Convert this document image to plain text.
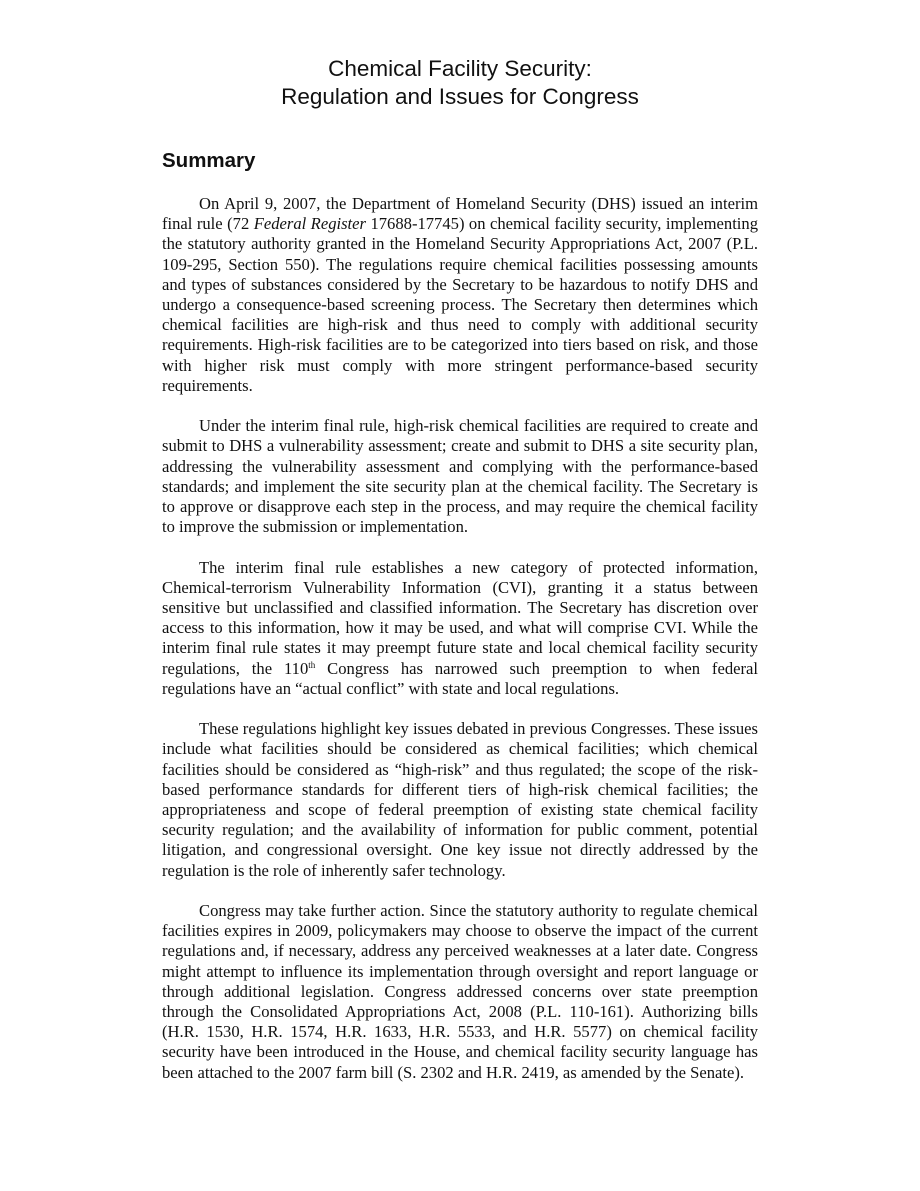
Chemical Facility Security:
Regulation and Issues for Congress
Summary

On April 9, 2007, the Department of Homeland Security (DHS) issued an interim final rule (72 Federal Register 17688-17745) on chemical facility security, implementing the statutory authority granted in the Homeland Security Appropriations Act, 2007 (P.L. 109-295, Section 550). The regulations require chemical facilities possessing amounts and types of substances considered by the Secretary to be hazardous to notify DHS and undergo a consequence-based screening process. The Secretary then determines which chemical facilities are high-risk and thus need to comply with additional security requirements. High-risk facilities are to be categorized into tiers based on risk, and those with higher risk must comply with more stringent performance-based security requirements.

Under the interim final rule, high-risk chemical facilities are required to create and submit to DHS a vulnerability assessment; create and submit to DHS a site security plan, addressing the vulnerability assessment and complying with the performance-based standards; and implement the site security plan at the chemical facility. The Secretary is to approve or disapprove each step in the process, and may require the chemical facility to improve the submission or implementation.

The interim final rule establishes a new category of protected information, Chemical-terrorism Vulnerability Information (CVI), granting it a status between sensitive but unclassified and classified information. The Secretary has discretion over access to this information, how it may be used, and what will comprise CVI. While the interim final rule states it may preempt future state and local chemical facility security regulations, the 110th Congress has narrowed such preemption to when federal regulations have an “actual conflict” with state and local regulations.

These regulations highlight key issues debated in previous Congresses. These issues include what facilities should be considered as chemical facilities; which chemical facilities should be considered as “high-risk” and thus regulated; the scope of the risk-based performance standards for different tiers of high-risk chemical facilities; the appropriateness and scope of federal preemption of existing state chemical facility security regulation; and the availability of information for public comment, potential litigation, and congressional oversight. One key issue not directly addressed by the regulation is the role of inherently safer technology.

Congress may take further action. Since the statutory authority to regulate chemical facilities expires in 2009, policymakers may choose to observe the impact of the current regulations and, if necessary, address any perceived weaknesses at a later date. Congress might attempt to influence its implementation through oversight and report language or through additional legislation. Congress addressed concerns over state preemption through the Consolidated Appropriations Act, 2008 (P.L. 110-161). Authorizing bills (H.R. 1530, H.R. 1574, H.R. 1633, H.R. 5533, and H.R. 5577) on chemical facility security have been introduced in the House, and chemical facility security language has been attached to the 2007 farm bill (S. 2302 and H.R. 2419, as amended by the Senate).
